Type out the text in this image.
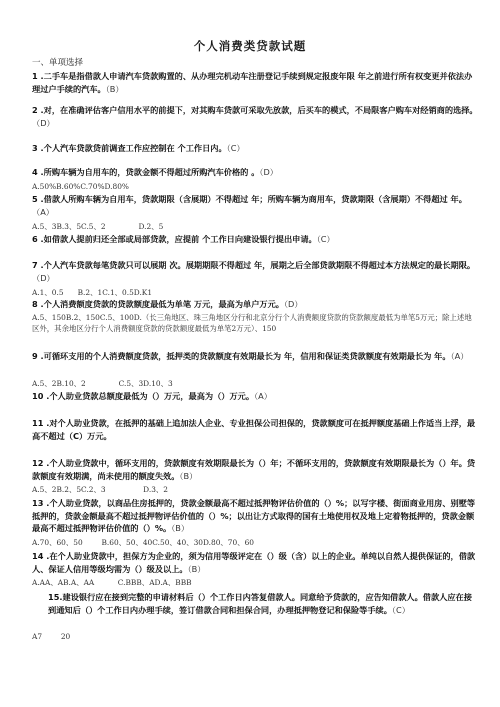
个人消费类贷款试题

一、单项选择

1 .二手车是指借款人申请汽车贷款购置的、从办理完机动车注册登记手续到规定报废年限 年之前进行所有权变更并依法办理过户手续的汽车。（B）

2 .对，在准确评估客户信用水平的前提下，对其购车贷款可采取先放款，后买车的模式，不局限客户购车对经销商的选择。（D）

3 .个人汽车贷款贷前调查工作应控制在 个工作日内。（C）

4 .所购车辆为自用车的，贷款金额不得超过所购汽车价格的 。（D）

A.50%B.60%C.70%D.80%

5 .借款人所购车辆为自用车，贷款期限（含展期）不得超过 年；所购车辆为商用车，贷款期限（含展期）不得超过 年。（A）

A.5、3B.3、5C.5、2              D.2、5

6 .如借款人提前归还全部或局部贷款，应提前 个工作日向建设银行提出申请。（C）

7 .个人汽车贷款每笔贷款只可以展期 次。展期期限不得超过 年，展期之后全部贷款期限不得超过本方法规定的最长期限。（D）

A.1、0.5      B.2、1C.1、0.5D.K1

8 .个人消费额度贷款的贷款额度最低为单笔 万元，最高为单户万元。（D）

A.5、150B.2、150C.5、100D.（长三角地区、珠三角地区分行和北京分行个人消费额度贷款的贷款额度最低为单笔5万元；除上述地区外，其余地区分行个人消费额度贷款的贷款额度最低为单笔2万元）、150

9 .可循环支用的个人消费额度贷款，抵押类的贷款额度有效期最长为 年，信用和保证类贷款额度有效期最长为 年。（A）

A.5、2B.10、2              C.5、3D.10、3

10 .个人助业贷款总额度最低为（）万元，最高为（）万元。（A）

11 .对个人助业贷款，在抵押的基础上追加法人企业、专业担保公司担保的，贷款额度可在抵押额度基础上作适当上浮，最高不超过（C）万元。

12 .个人助业贷款中，循环支用的，贷款额度有效期限最长为（）年；不循环支用的，贷款额度有效期限最长为（）年。贷款额度有效期满，尚未使用的额度失效。（B）

A.5、2B.2、5C.2、3                D.3、2

13 .个人助业贷款，以商品住房抵押的，贷款金额最高不超过抵押物评估价值的（）%；以写字楼、街面商业用房、别墅等抵押的，贷款金额最高不超过抵押物评估价值的（）%；以出让方式取得的国有土地使用权及地上定着物抵押的，贷款金额最高不超过抵押物评估价值的（）%。（B）

A.70、60、50        B.60、50、40C.50、40、30D.80、70、60

14 .在个人助业贷款中，担保方为企业的，须为信用等级评定在（）级（含）以上的企业。单纯以自然人提供保证的，借款人、保证人信用等级均需为（）级及以上。（B）

A.AA、AB.A、AA          C.BBB、AD.A、BBB

15.建设银行应在接到完整的申请材料后（）个工作日内答复借款人。同意给予贷款的，应告知借款人。借款人应在接到通知后（）个工作日内办理手续，签订借款合同和担保合同，办理抵押物登记和保险等手续。（C）

A7        20
